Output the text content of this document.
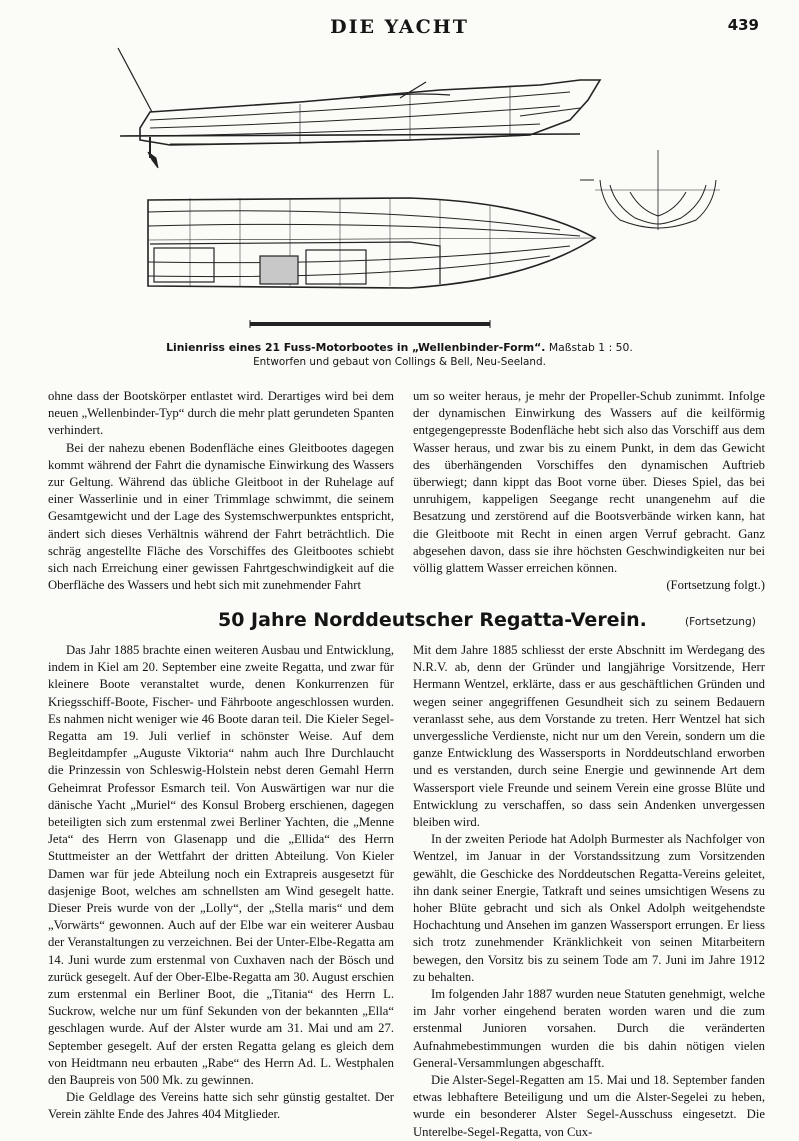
DIE YACHT	439
Linienriss eines 21 Fuss-Motorbootes in „Wellenbinder-Form“. Maßstab 1 : 50.
Entworfen und gebaut von Collings & Bell, Neu-Seeland.

ohne dass der Bootskörper entlastet wird. Derartiges wird bei dem neuen „Wellenbinder-Typ“ durch die mehr platt gerundeten Spanten verhindert.

Bei der nahezu ebenen Bodenfläche eines Gleitbootes dagegen kommt während der Fahrt die dynamische Einwirkung des Wassers zur Geltung. Während das übliche Gleitboot in der Ruhelage auf einer Wasserlinie und in einer Trimmlage schwimmt, die seinem Gesamtgewicht und der Lage des Systemschwerpunktes entspricht, ändert sich dieses Verhältnis während der Fahrt beträchtlich. Die schräg angestellte Fläche des Vorschiffes des Gleitbootes schiebt sich nach Erreichung einer gewissen Fahrtgeschwindigkeit auf die Oberfläche des Wassers und hebt sich mit zunehmender Fahrt

um so weiter heraus, je mehr der Propeller-Schub zunimmt. Infolge der dynamischen Einwirkung des Wassers auf die keilförmig entgegengepresste Bodenfläche hebt sich also das Vorschiff aus dem Wasser heraus, und zwar bis zu einem Punkt, in dem das Gewicht des überhängenden Vorschiffes den dynamischen Auftrieb überwiegt; dann kippt das Boot vorne über. Dieses Spiel, das bei unruhigem, kappeligen Seegange recht unangenehm auf die Besatzung und zerstörend auf die Bootsverbände wirken kann, hat die Gleitboote mit Recht in einen argen Verruf gebracht. Ganz abgesehen davon, dass sie ihre höchsten Geschwindigkeiten nur bei völlig glattem Wasser erreichen können.

(Fortsetzung folgt.)

50 Jahre Norddeutscher Regatta-Verein.	(Fortsetzung)

Das Jahr 1885 brachte einen weiteren Ausbau und Entwicklung, indem in Kiel am 20. September eine zweite Regatta, und zwar für kleinere Boote veranstaltet wurde, denen Konkurrenzen für Kriegsschiff-Boote, Fischer- und Fährboote angeschlossen wurden. Es nahmen nicht weniger wie 46 Boote daran teil. Die Kieler Segel-Regatta am 19. Juli verlief in schönster Weise. Auf dem Begleitdampfer „Auguste Viktoria“ nahm auch Ihre Durchlaucht die Prinzessin von Schleswig-Holstein nebst deren Gemahl Herrn Geheimrat Professor Esmarch teil. Von Auswärtigen war nur die dänische Yacht „Muriel“ des Konsul Broberg erschienen, dagegen beteiligten sich zum erstenmal zwei Berliner Yachten, die „Menne Jeta“ des Herrn von Glasenapp und die „Ellida“ des Herrn Stuttmeister an der Wettfahrt der dritten Abteilung. Von Kieler Damen war für jede Abteilung noch ein Extrapreis ausgesetzt für dasjenige Boot, welches am schnellsten am Wind gesegelt hatte. Dieser Preis wurde von der „Lolly“, der „Stella maris“ und dem „Vorwärts“ gewonnen. Auch auf der Elbe war ein weiterer Ausbau der Veranstaltungen zu verzeichnen. Bei der Unter-Elbe-Regatta am 14. Juni wurde zum erstenmal von Cuxhaven nach der Bösch und zurück gesegelt. Auf der Ober-Elbe-Regatta am 30. August erschien zum erstenmal ein Berliner Boot, die „Titania“ des Herrn L. Suckrow, welche nur um fünf Sekunden von der bekannten „Ella“ geschlagen wurde. Auf der Alster wurde am 31. Mai und am 27. September gesegelt. Auf der ersten Regatta gelang es gleich dem von Heidtmann neu erbauten „Rabe“ des Herrn Ad. L. Westphalen den Baupreis von 500 Mk. zu gewinnen.

Die Geldlage des Vereins hatte sich sehr günstig gestaltet. Der Verein zählte Ende des Jahres 404 Mitglieder.

Mit dem Jahre 1885 schliesst der erste Abschnitt im Werdegang des N.R.V. ab, denn der Gründer und langjährige Vorsitzende, Herr Hermann Wentzel, erklärte, dass er aus geschäftlichen Gründen und wegen seiner angegriffenen Gesundheit sich zu seinem Bedauern veranlasst sehe, aus dem Vorstande zu treten. Herr Wentzel hat sich unvergessliche Verdienste, nicht nur um den Verein, sondern um die ganze Entwicklung des Wassersports in Norddeutschland erworben und es verstanden, durch seine Energie und gewinnende Art dem Wassersport viele Freunde und seinem Verein eine grosse Blüte und Entwicklung zu verschaffen, so dass sein Andenken unvergessen bleiben wird.

In der zweiten Periode hat Adolph Burmester als Nachfolger von Wentzel, im Januar in der Vorstandssitzung zum Vorsitzenden gewählt, die Geschicke des Norddeutschen Regatta-Vereins geleitet, ihn dank seiner Energie, Tatkraft und seines umsichtigen Wesens zu hoher Blüte gebracht und sich als Onkel Adolph weitgehendste Hochachtung und Ansehen im ganzen Wassersport errungen. Er liess sich trotz zunehmender Kränklichkeit von seinen Mitarbeitern bewegen, den Vorsitz bis zu seinem Tode am 7. Juni im Jahre 1912 zu behalten.

Im folgenden Jahr 1887 wurden neue Statuten genehmigt, welche im Jahr vorher eingehend beraten worden waren und die zum erstenmal Junioren vorsahen. Durch die veränderten Aufnahmebestimmungen wurden die bis dahin nötigen vielen General-Versammlungen abgeschafft.

Die Alster-Segel-Regatten am 15. Mai und 18. September fanden etwas lebhaftere Beteiligung und um die Alster-Segelei zu heben, wurde ein besonderer Alster Segel-Ausschuss eingesetzt. Die Unterelbe-Segel-Regatta, von Cux-
